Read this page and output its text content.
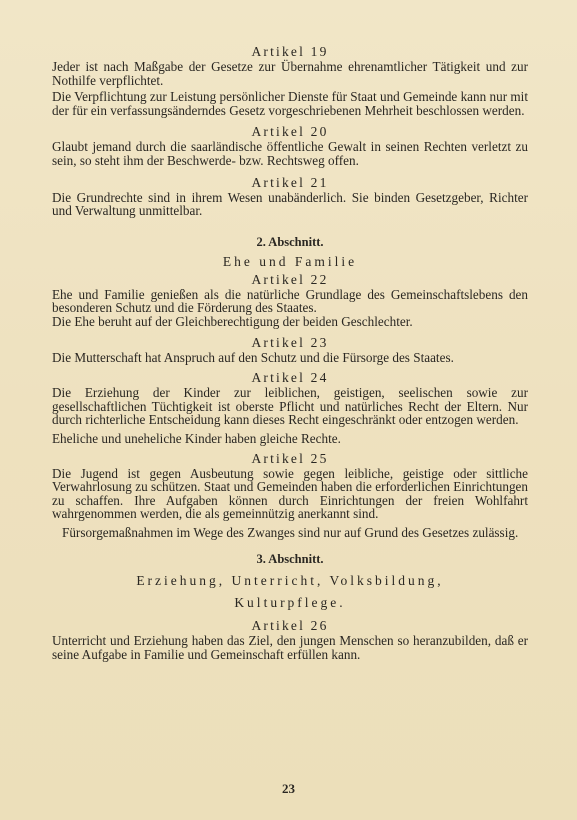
Artikel 19

Jeder ist nach Maßgabe der Gesetze zur Übernahme ehrenamtlicher Tätigkeit und zur Nothilfe verpflichtet.

Die Verpflichtung zur Leistung persönlicher Dienste für Staat und Gemeinde kann nur mit der für ein verfassungsänderndes Gesetz vorgeschriebenen Mehrheit beschlossen werden.

Artikel 20

Glaubt jemand durch die saarländische öffentliche Gewalt in seinen Rechten verletzt zu sein, so steht ihm der Beschwerde- bzw. Rechtsweg offen.

Artikel 21

Die Grundrechte sind in ihrem Wesen unabänderlich. Sie binden Gesetzgeber, Richter und Verwaltung unmittelbar.

2. Abschnitt.

Ehe und Familie

Artikel 22

Ehe und Familie genießen als die natürliche Grundlage des Gemeinschaftslebens den besonderen Schutz und die Förderung des Staates.

Die Ehe beruht auf der Gleichberechtigung der beiden Geschlechter.

Artikel 23

Die Mutterschaft hat Anspruch auf den Schutz und die Fürsorge des Staates.

Artikel 24

Die Erziehung der Kinder zur leiblichen, geistigen, seelischen sowie zur gesellschaftlichen Tüchtigkeit ist oberste Pflicht und natürliches Recht der Eltern. Nur durch richterliche Entscheidung kann dieses Recht eingeschränkt oder entzogen werden.

Eheliche und uneheliche Kinder haben gleiche Rechte.

Artikel 25

Die Jugend ist gegen Ausbeutung sowie gegen leibliche, geistige oder sittliche Verwahrlosung zu schützen. Staat und Gemeinden haben die erforderlichen Einrichtungen zu schaffen. Ihre Aufgaben können durch Einrichtungen der freien Wohlfahrt wahrgenommen werden, die als gemeinnützig anerkannt sind.

Fürsorgemaßnahmen im Wege des Zwanges sind nur auf Grund des Gesetzes zulässig.

3. Abschnitt.

Erziehung, Unterricht, Volksbildung,

Kulturpflege.

Artikel 26

Unterricht und Erziehung haben das Ziel, den jungen Menschen so heranzubilden, daß er seine Aufgabe in Familie und Gemeinschaft erfüllen kann.

23
